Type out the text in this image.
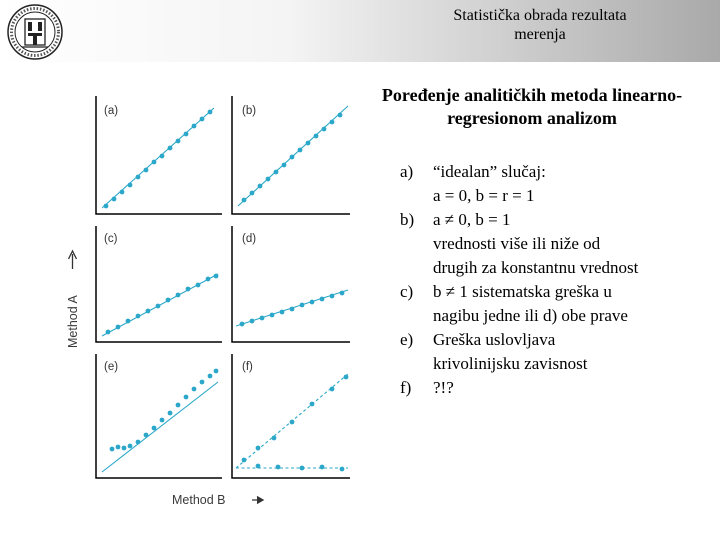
Statistička obrada rezultata
merenja
Poređenje analitičkih metoda linearno-
regresionom analizom
a)	“idealan” slučaj:
a = 0, b = r = 1
b)	a ≠ 0, b = 1
vrednosti više ili niže od
drugih za konstantnu vrednost
c)	b ≠ 1 sistematska greška u
nagibu jedne ili d) obe prave
e)	Greška uslovljava
krivolinijsku zavisnost
f)	?!?
(a)	(b)
(c)	(d)
(e)	(f)
Method A
Method B
